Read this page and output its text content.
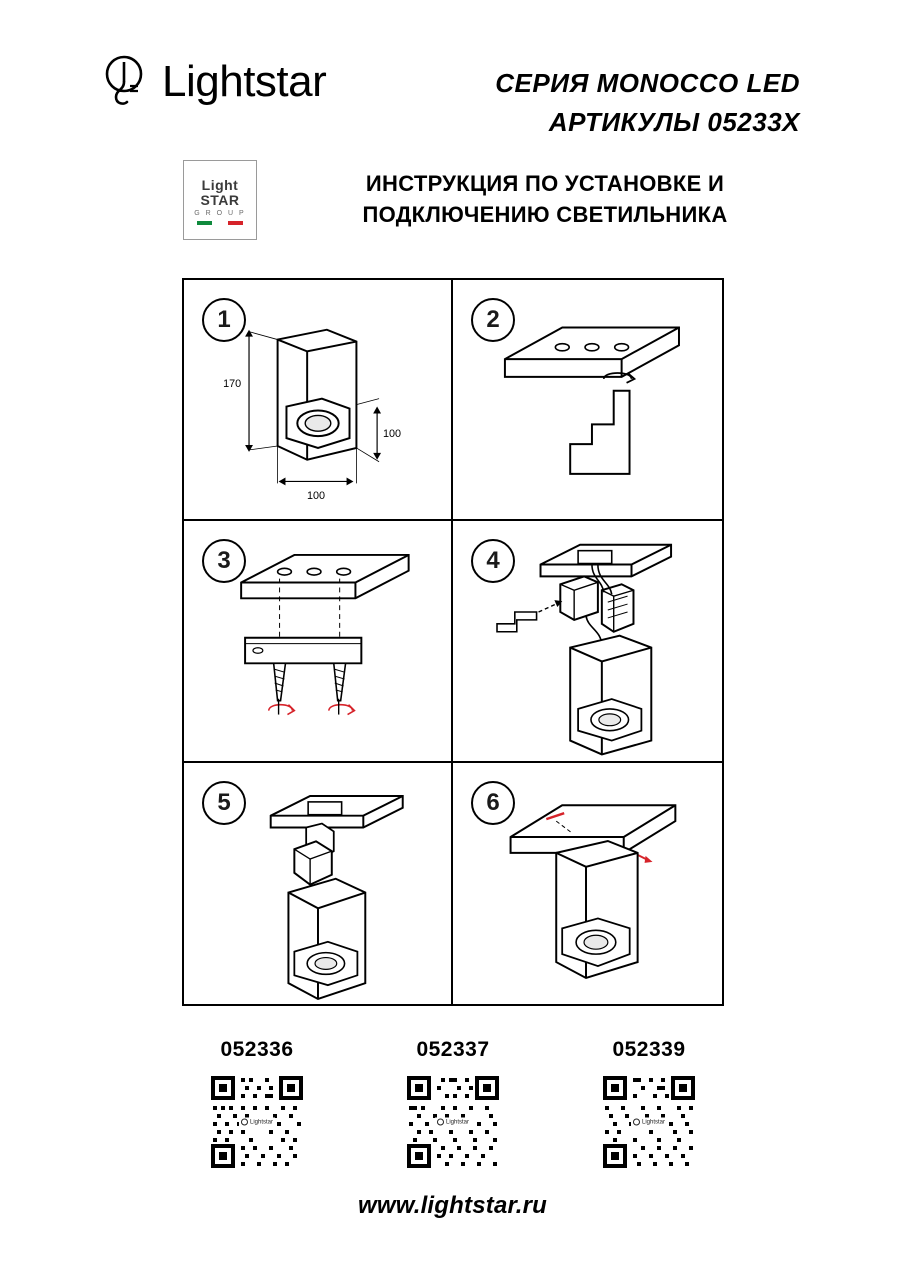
Lightstar	СЕРИЯ MONOCCO LED
АРТИКУЛЫ 05233X
Light
STAR
G R O U P
ИНСТРУКЦИЯ ПО УСТАНОВКЕ И
ПОДКЛЮЧЕНИЮ СВЕТИЛЬНИКА
1
170
100
100
2
3	4
5	6
052336
Lightstar
052337
Lightstar
052339
Lightstar
www.lightstar.ru
